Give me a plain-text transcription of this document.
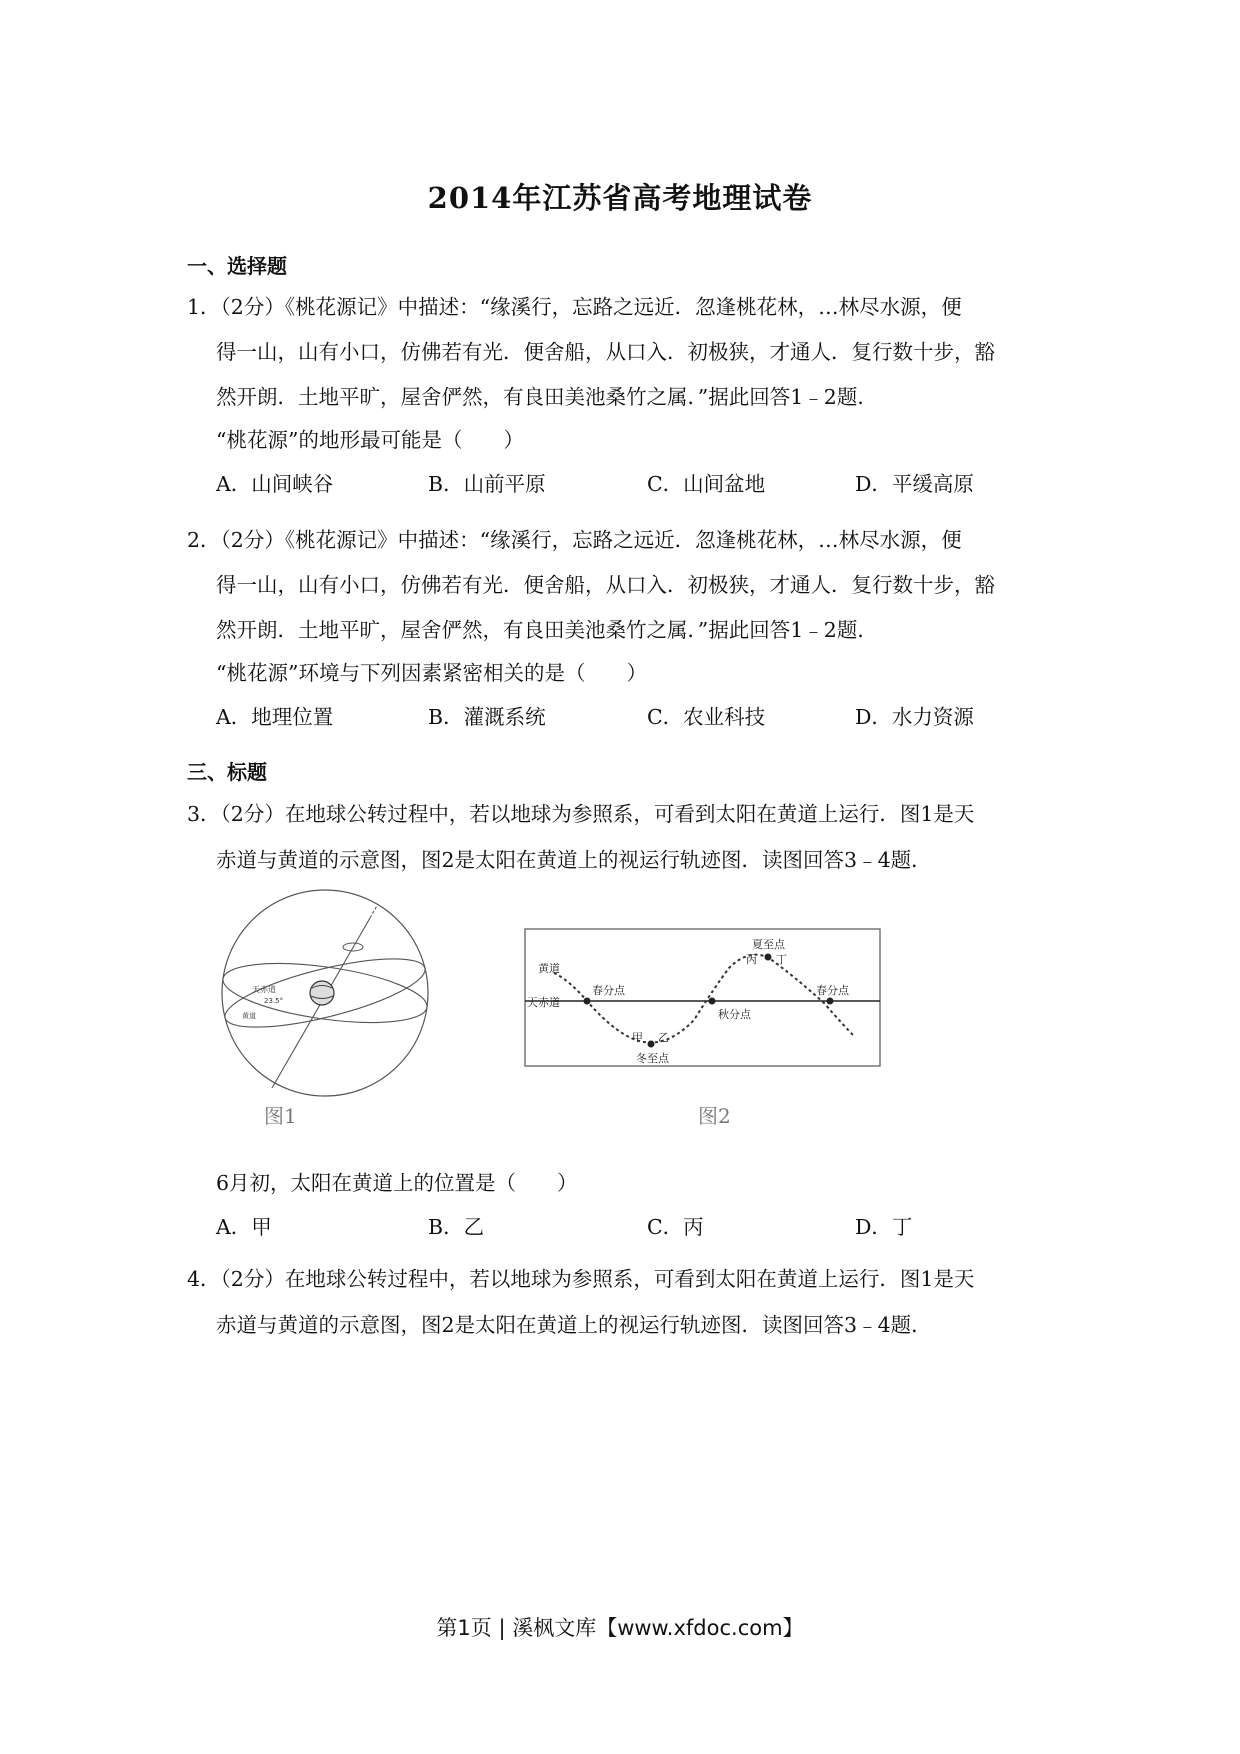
2014年江苏省高考地理试卷
一、选择题
1．（2分）《桃花源记》中描述：“缘溪行，忘路之远近．忽逢桃花林，…林尽水源，便
得一山，山有小口，仿佛若有光．便舍船，从口入．初极狭，才通人．复行数十步，豁
然开朗．土地平旷，屋舍俨然，有良田美池桑竹之属．”据此回答1﹣2题．
“桃花源”的地形最可能是（　　）
A．山间峡谷	B．山前平原	C．山间盆地	D．平缓高原
2．（2分）《桃花源记》中描述：“缘溪行，忘路之远近．忽逢桃花林，…林尽水源，便
得一山，山有小口，仿佛若有光．便舍船，从口入．初极狭，才通人．复行数十步，豁
然开朗．土地平旷，屋舍俨然，有良田美池桑竹之属．”据此回答1﹣2题．
“桃花源”环境与下列因素紧密相关的是（　　）
A．地理位置	B．灌溉系统	C．农业科技	D．水力资源
三、标题
3．（2分）在地球公转过程中，若以地球为参照系，可看到太阳在黄道上运行．图1是天
赤道与黄道的示意图，图2是太阳在黄道上的视运行轨迹图．读图回答3﹣4题．
天赤道
23.5°
黄道
图1
黄道
天赤道
春分点
秋分点
夏至点
冬至点
春分点
甲 乙
丙 丁
图2
6月初，太阳在黄道上的位置是（　　）
A．甲	B．乙	C．丙	D．丁
4．（2分）在地球公转过程中，若以地球为参照系，可看到太阳在黄道上运行．图1是天
赤道与黄道的示意图，图2是太阳在黄道上的视运行轨迹图．读图回答3﹣4题．
第1页 | 溪枫文库【www.xfdoc.com】
